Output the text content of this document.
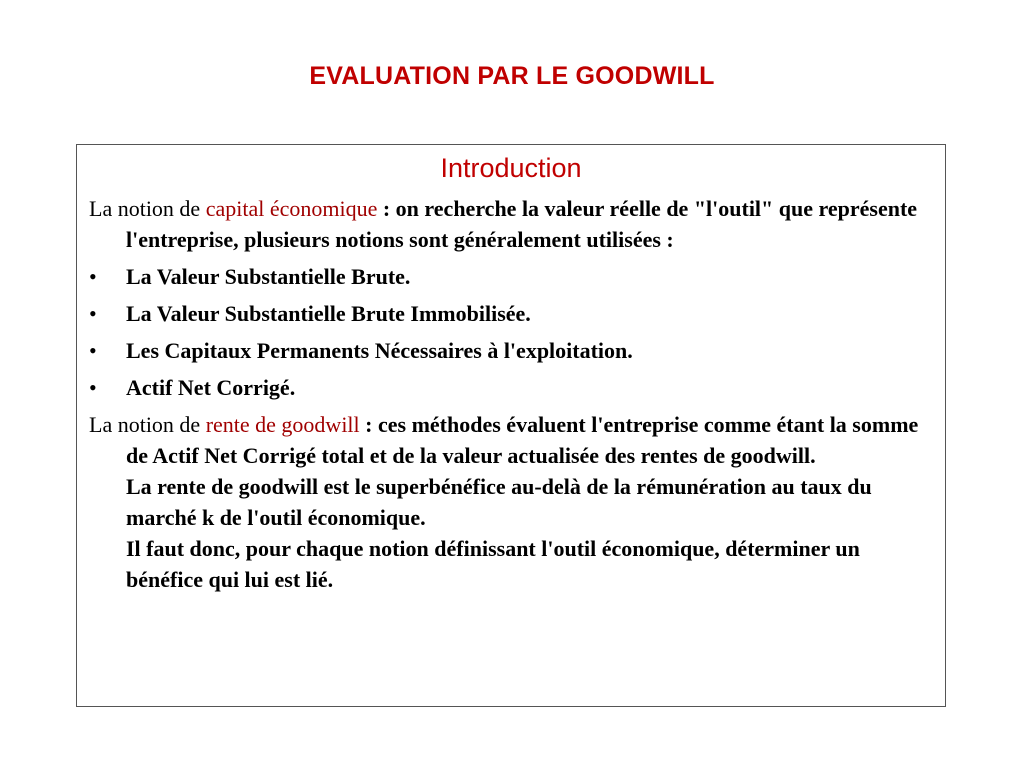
EVALUATION PAR LE GOODWILL
Introduction

La notion de capital économique : on recherche la valeur réelle de "l'outil" que représente l'entreprise, plusieurs notions sont généralement utilisées :

•	La Valeur Substantielle Brute.
•	La Valeur Substantielle Brute Immobilisée.
•	Les Capitaux Permanents Nécessaires à l'exploitation.
•	Actif Net Corrigé.

La notion de rente de goodwill : ces méthodes évaluent l'entreprise comme étant la somme de Actif Net Corrigé total et de la valeur actualisée des rentes de goodwill.
La rente de goodwill est le superbénéfice au-delà de la rémunération au taux du marché k de l'outil économique.
Il faut donc, pour chaque notion définissant l'outil économique, déterminer un bénéfice qui lui est lié.
